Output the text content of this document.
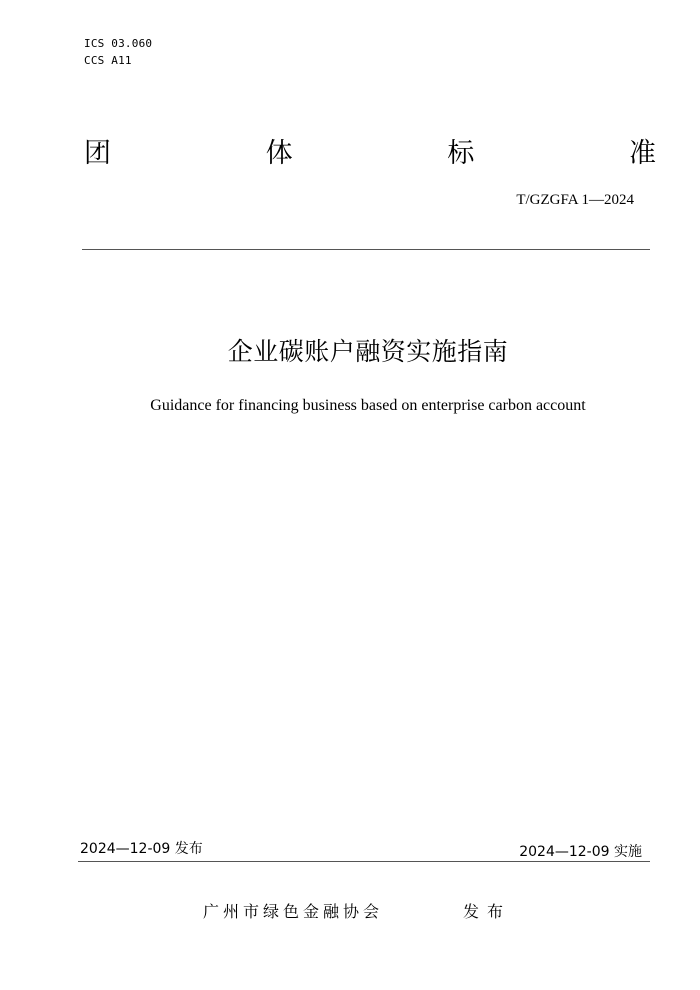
ICS 03.060
CCS A11
团	体	标	准
T/GZGFA 1—2024
企业碳账户融资实施指南
Guidance for financing business based on enterprise carbon account
2024—12-09 发布	2024—12-09 实施
广州市绿色金融协会	发布
